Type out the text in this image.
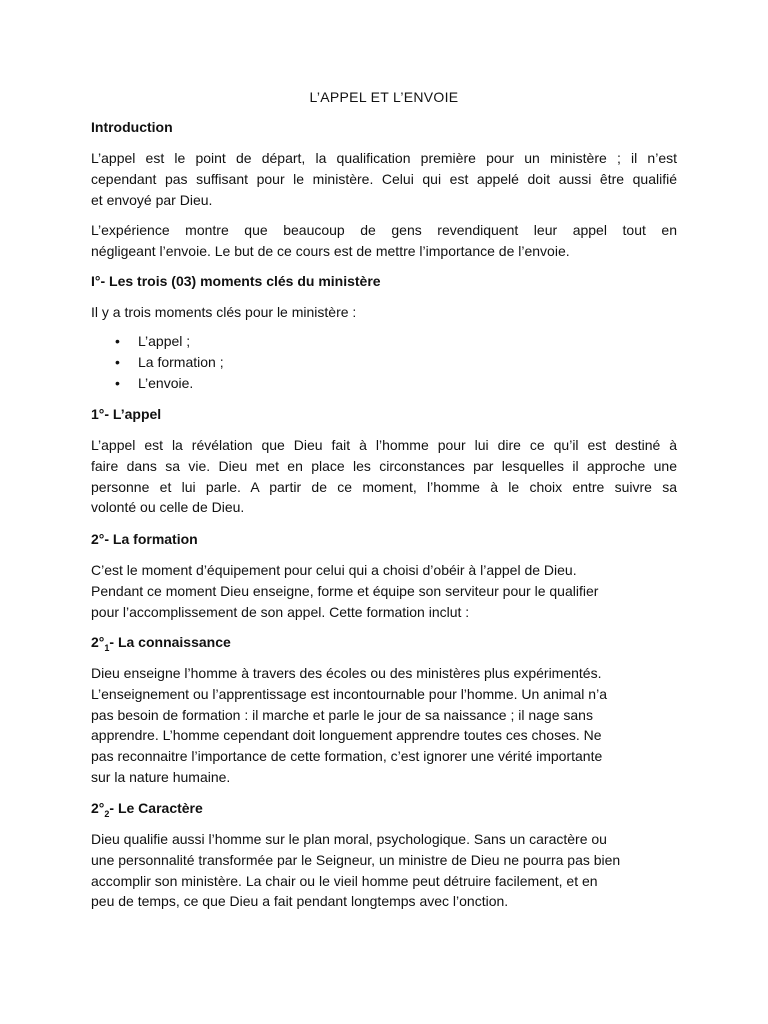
L’APPEL ET L’ENVOIE
Introduction
L’appel est le point de départ, la qualification première pour un ministère ; il n’est
cependant pas suffisant pour le ministère. Celui qui est appelé doit aussi être qualifié
et envoyé par Dieu.
L’expérience montre que beaucoup de gens revendiquent leur appel tout en
négligeant l’envoie. Le but de ce cours est de mettre l’importance de l’envoie.
I°- Les trois (03) moments clés du ministère
Il y a trois moments clés pour le ministère :
• L’appel ;
• La formation ;
• L’envoie.
1°- L’appel
L’appel est la révélation que Dieu fait à l’homme pour lui dire ce qu’il est destiné à
faire dans sa vie. Dieu met en place les circonstances par lesquelles il approche une
personne et lui parle. A partir de ce moment, l’homme à le choix entre suivre sa
volonté ou celle de Dieu.
2°- La formation
C’est le moment d’équipement pour celui qui a choisi d’obéir à l’appel de Dieu.
Pendant ce moment Dieu enseigne, forme et équipe son serviteur pour le qualifier
pour l’accomplissement de son appel. Cette formation inclut :
$2^\circ_1-$ La connaissance
Dieu enseigne l’homme à travers des écoles ou des ministères plus expérimentés.
L’enseignement ou l’apprentissage est incontournable pour l’homme. Un animal n’a
pas besoin de formation : il marche et parle le jour de sa naissance ; il nage sans
apprendre. L’homme cependant doit longuement apprendre toutes ces choses. Ne
pas reconnaitre l’importance de cette formation, c’est ignorer une vérité importante
sur la nature humaine.
$2^\circ_2-$ Le Caractère
Dieu qualifie aussi l’homme sur le plan moral, psychologique. Sans un caractère ou
une personnalité transformée par le Seigneur, un ministre de Dieu ne pourra pas bien
accomplir son ministère. La chair ou le vieil homme peut détruire facilement, et en
peu de temps, ce que Dieu a fait pendant longtemps avec l’onction.
